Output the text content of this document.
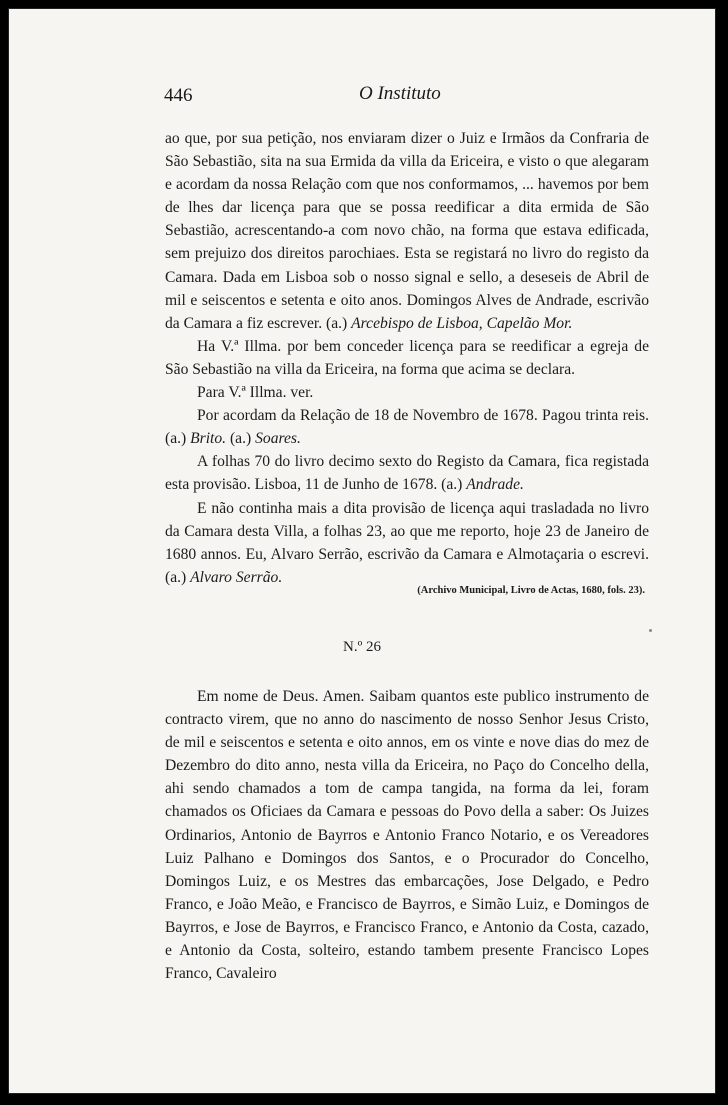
446	O Instituto

ao que, por sua petição, nos enviaram dizer o Juiz e Irmãos da Confraria de São Sebastião, sita na sua Ermida da villa da Ericeira, e visto o que alegaram e acordam da nossa Relação com que nos conformamos, ... havemos por bem de lhes dar licença para que se possa reedificar a dita ermida de São Sebastião, acrescentando-a com novo chão, na forma que estava edificada, sem prejuizo dos direitos parochiaes. Esta se registará no livro do registo da Camara. Dada em Lisboa sob o nosso signal e sello, a deseseis de Abril de mil e seiscentos e setenta e oito anos. Domingos Alves de Andrade, escrivão da Camara a fiz escrever. (a.) Arcebispo de Lisboa, Capelão Mor.

Ha V.ª Illma. por bem conceder licença para se reedificar a egreja de São Sebastião na villa da Ericeira, na forma que acima se declara.

Para V.ª Illma. ver.

Por acordam da Relação de 18 de Novembro de 1678. Pagou trinta reis. (a.) Brito. (a.) Soares.

A folhas 70 do livro decimo sexto do Registo da Camara, fica registada esta provisão. Lisboa, 11 de Junho de 1678. (a.) Andrade.

E não continha mais a dita provisão de licença aqui trasladada no livro da Camara desta Villa, a folhas 23, ao que me reporto, hoje 23 de Janeiro de 1680 annos. Eu, Alvaro Serrão, escrivão da Camara e Almotaçaria o escrevi. (a.) Alvaro Serrão.

(Archivo Municipal, Livro de Actas, 1680, fols. 23).
N.º 26

Em nome de Deus. Amen. Saibam quantos este publico instrumento de contracto virem, que no anno do nascimento de nosso Senhor Jesus Cristo, de mil e seiscentos e setenta e oito annos, em os vinte e nove dias do mez de Dezembro do dito anno, nesta villa da Ericeira, no Paço do Concelho della, ahi sendo chamados a tom de campa tangida, na forma da lei, foram chamados os Oficiaes da Camara e pessoas do Povo della a saber: Os Juizes Ordinarios, Antonio de Bayrros e Antonio Franco Notario, e os Vereadores Luiz Palhano e Domingos dos Santos, e o Procurador do Concelho, Domingos Luiz, e os Mestres das embarcações, Jose Delgado, e Pedro Franco, e João Meão, e Francisco de Bayrros, e Simão Luiz, e Domingos de Bayrros, e Jose de Bayrros, e Francisco Franco, e Antonio da Costa, cazado, e Antonio da Costa, solteiro, estando tambem presente Francisco Lopes Franco, Cavaleiro
